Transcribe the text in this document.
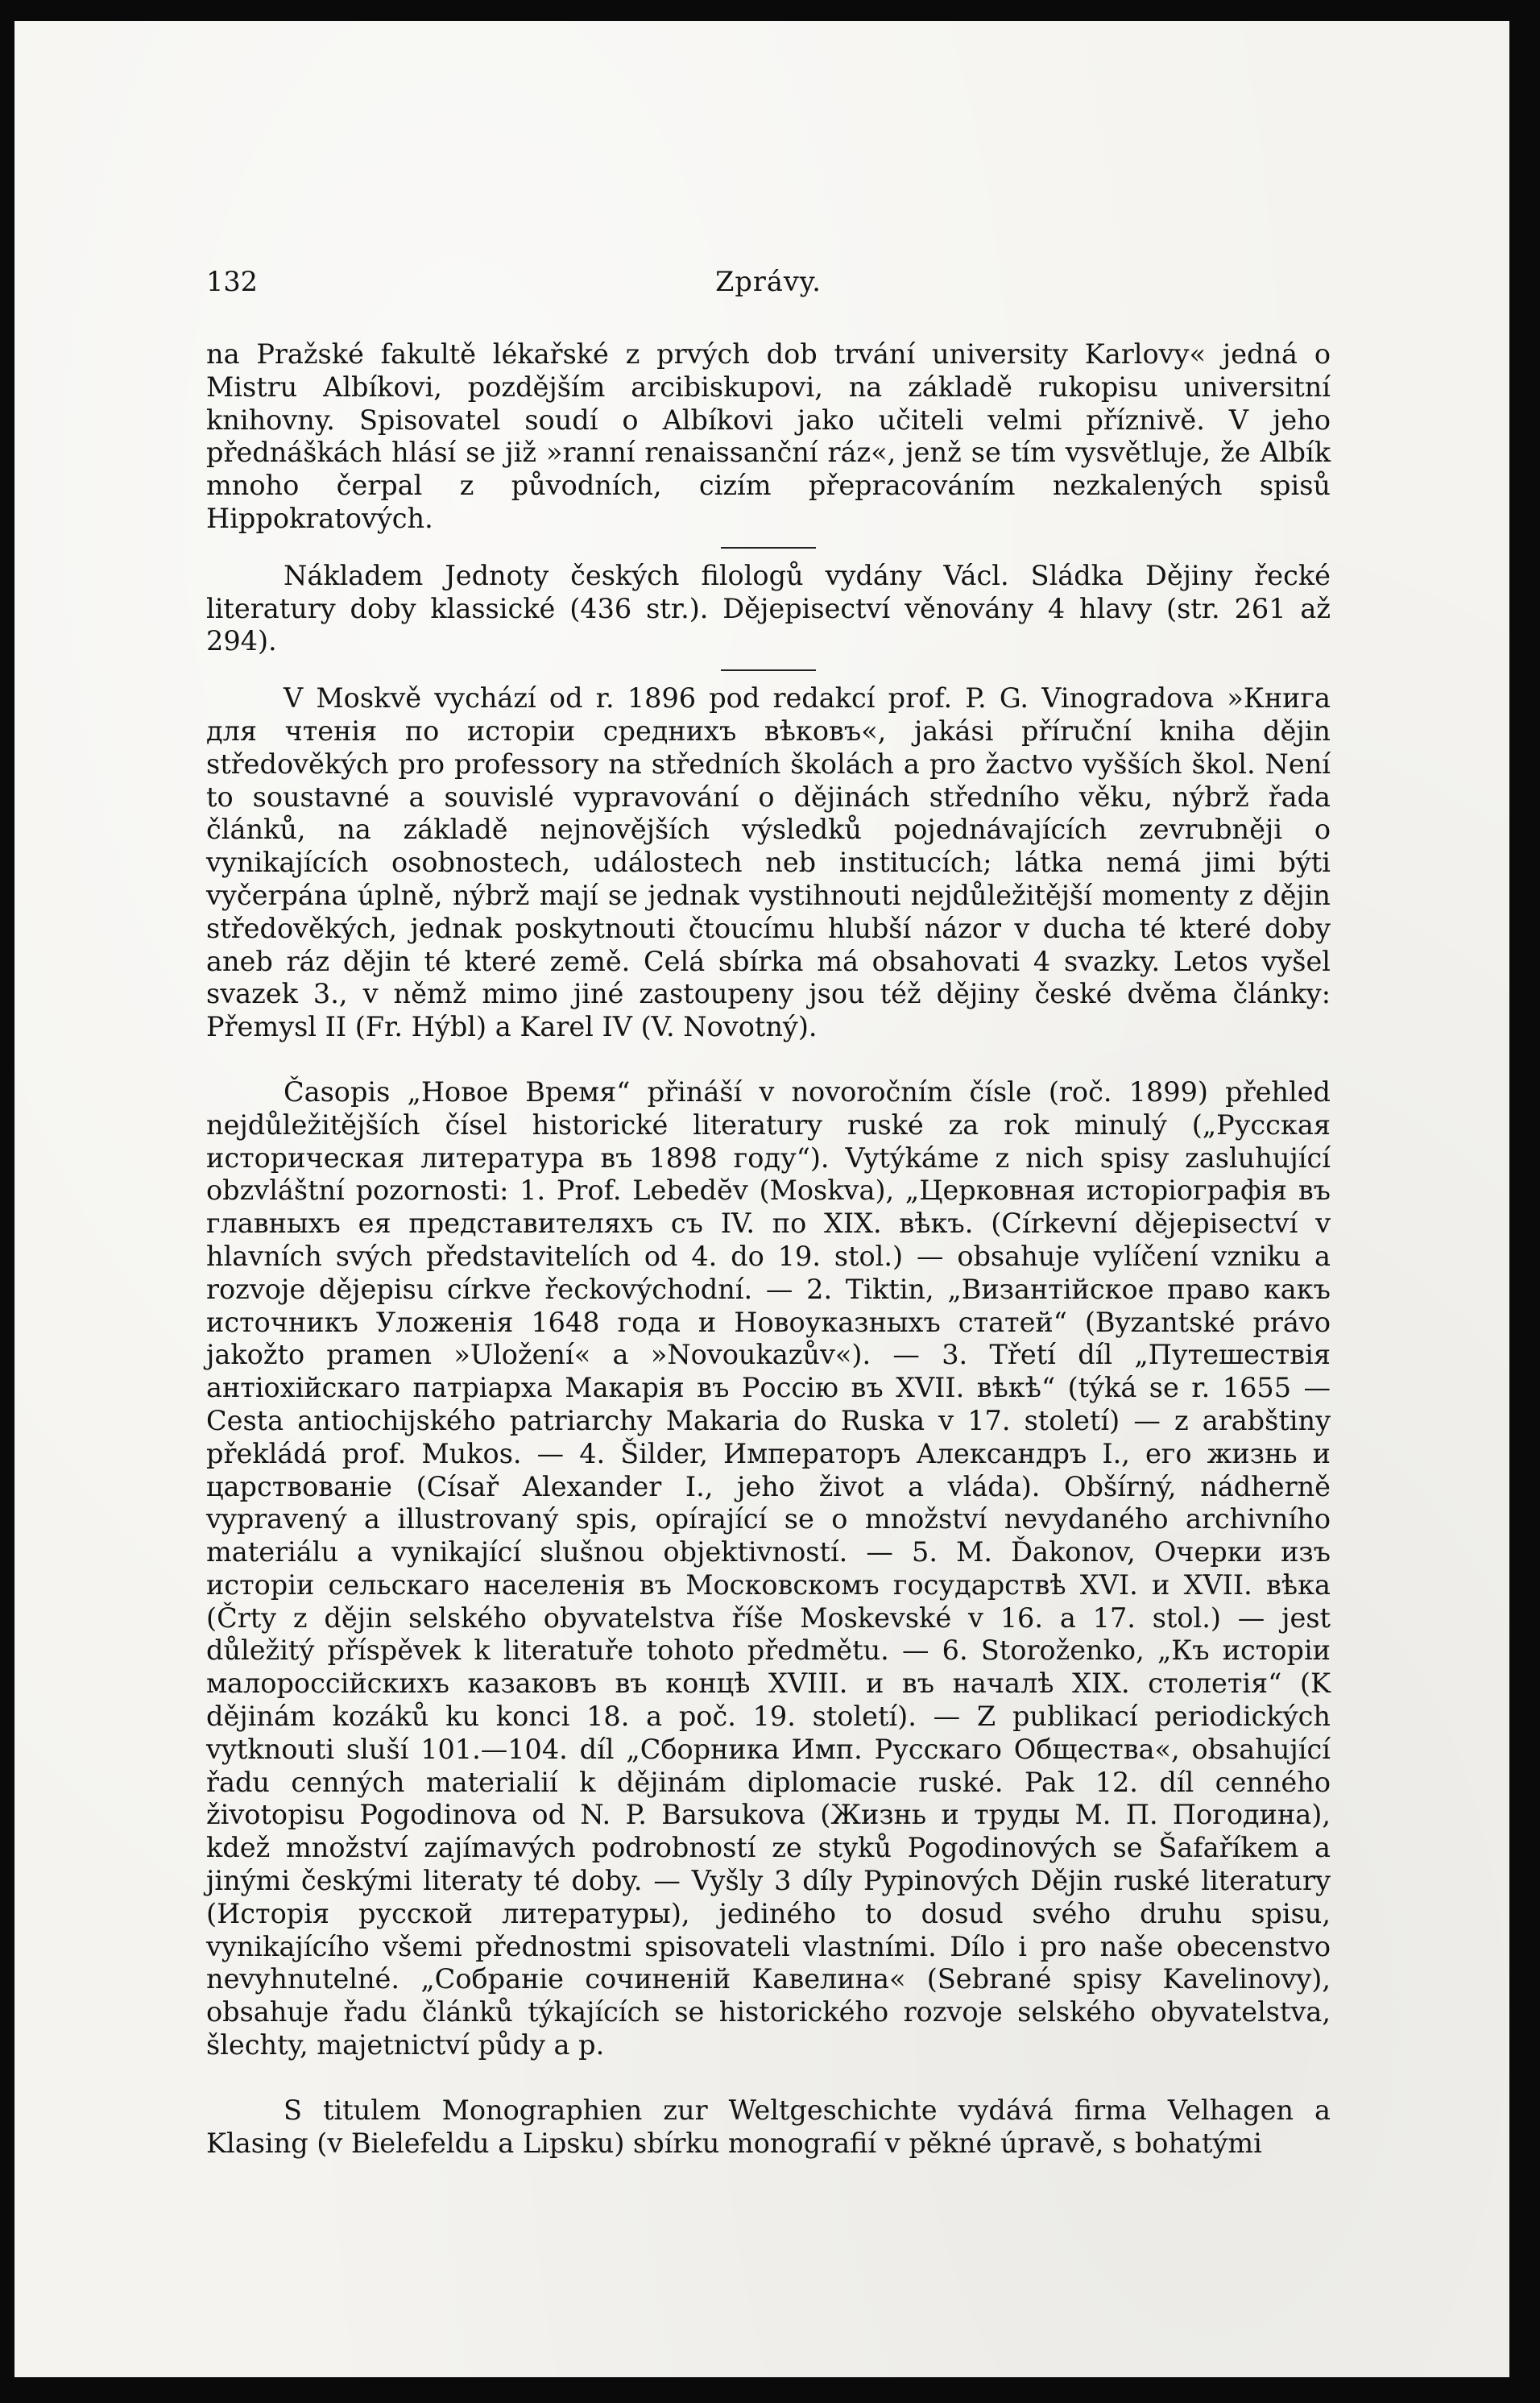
132	Zprávy.

na Pražské fakultě lékařské z prvých dob trvání university Karlovy« jedná o Mistru Albíkovi, pozdějším arcibiskupovi, na základě rukopisu universitní knihovny. Spisovatel soudí o Albíkovi jako učiteli velmi příznivě. V jeho přednáškách hlásí se již »ranní renaissanční ráz«, jenž se tím vysvětluje, že Albík mnoho čerpal z původních, cizím přepracováním nezkalených spisů Hippokratových.

Nákladem Jednoty českých filologů vydány Václ. Sládka Dějiny řecké literatury doby klassické (436 str.). Dějepisectví věnovány 4 hlavy (str. 261 až 294).

V Moskvě vychází od r. 1896 pod redakcí prof. P. G. Vinogradova »Книга для чтенія по исторіи среднихъ вѣковъ«, jakási příruční kniha dějin středověkých pro professory na středních školách a pro žactvo vyšších škol. Není to soustavné a souvislé vypravování o dějinách středního věku, nýbrž řada článků, na základě nejnovějších výsledků pojednávajících zevrubněji o vynikajících osobnostech, událostech neb institucích; látka nemá jimi býti vyčerpána úplně, nýbrž mají se jednak vystihnouti nejdůležitější momenty z dějin středověkých, jednak poskytnouti čtoucímu hlubší názor v ducha té které doby aneb ráz dějin té které země. Celá sbírka má obsahovati 4 svazky. Letos vyšel svazek 3., v němž mimo jiné zastoupeny jsou též dějiny české dvěma články: Přemysl II (Fr. Hýbl) a Karel IV (V. Novotný).

Časopis „Новое Время“ přináší v novoročním čísle (roč. 1899) přehled nejdůležitějších čísel historické literatury ruské za rok minulý („Русская историческая литература въ 1898 году“). Vytýkáme z nich spisy zasluhující obzvláštní pozornosti: 1. Prof. Lebedĕv (Moskva), „Церковная исторіографія въ главныхъ ея представителяхъ съ IV. по XIX. вѣкъ. (Církevní dějepisectví v hlavních svých představitelích od 4. do 19. stol.) — obsahuje vylíčení vzniku a rozvoje dějepisu církve řeckovýchodní. — 2. Tiktin, „Византійское право какъ источникъ Уложенія 1648 года и Новоуказныхъ статей“ (Byzantské právo jakožto pramen »Uložení« a »Novoukazův«). — 3. Třetí díl „Путешествія антіохійскаго патріарха Макарія въ Россію въ XVII. вѣкѣ“ (týká se r. 1655 — Cesta antiochijského patriarchy Makaria do Ruska v 17. století) — z arabštiny překládá prof. Mukos. — 4. Šilder, Императоръ Александръ I., его жизнь и царствованіе (Císař Alexander I., jeho život a vláda). Obšírný, nádherně vypravený a illustrovaný spis, opírající se o množství nevydaného archivního materiálu a vynikající slušnou objektivností. — 5. M. Ďakonov, Очерки изъ исторіи сельскаго населенія въ Московскомъ государствѣ XVI. и XVII. вѣка (Črty z dějin selského obyvatelstva říše Moskevské v 16. a 17. stol.) — jest důležitý příspěvek k literatuře tohoto předmětu. — 6. Storoženko, „Къ исторіи малороссійскихъ казаковъ въ концѣ XVIII. и въ началѣ XIX. столетія“ (K dějinám kozáků ku konci 18. a poč. 19. století). — Z publikací periodických vytknouti sluší 101.—104. díl „Сборника Имп. Русскаго Общества«, obsahující řadu cenných materialií k dějinám diplomacie ruské. Pak 12. díl cenného životopisu Pogodinova od N. P. Barsukova (Жизнь и труды М. П. Погодина), kdež množství zajímavých podrobností ze styků Pogodinových se Šafaříkem a jinými českými literaty té doby. — Vyšly 3 díly Pypinových Dějin ruské literatury (Исторія русской литературы), jediného to dosud svého druhu spisu, vynikajícího všemi přednostmi spisovateli vlastními. Dílo i pro naše obecenstvo nevyhnutelné. „Собраніе сочиненій Кавелина« (Sebrané spisy Kavelinovy), obsahuje řadu článků týkajících se historického rozvoje selského obyvatelstva, šlechty, majetnictví půdy a p.

S titulem Monographien zur Weltgeschichte vydává firma Velhagen a Klasing (v Bielefeldu a Lipsku) sbírku monografií v pěkné úpravě, s bohatými
